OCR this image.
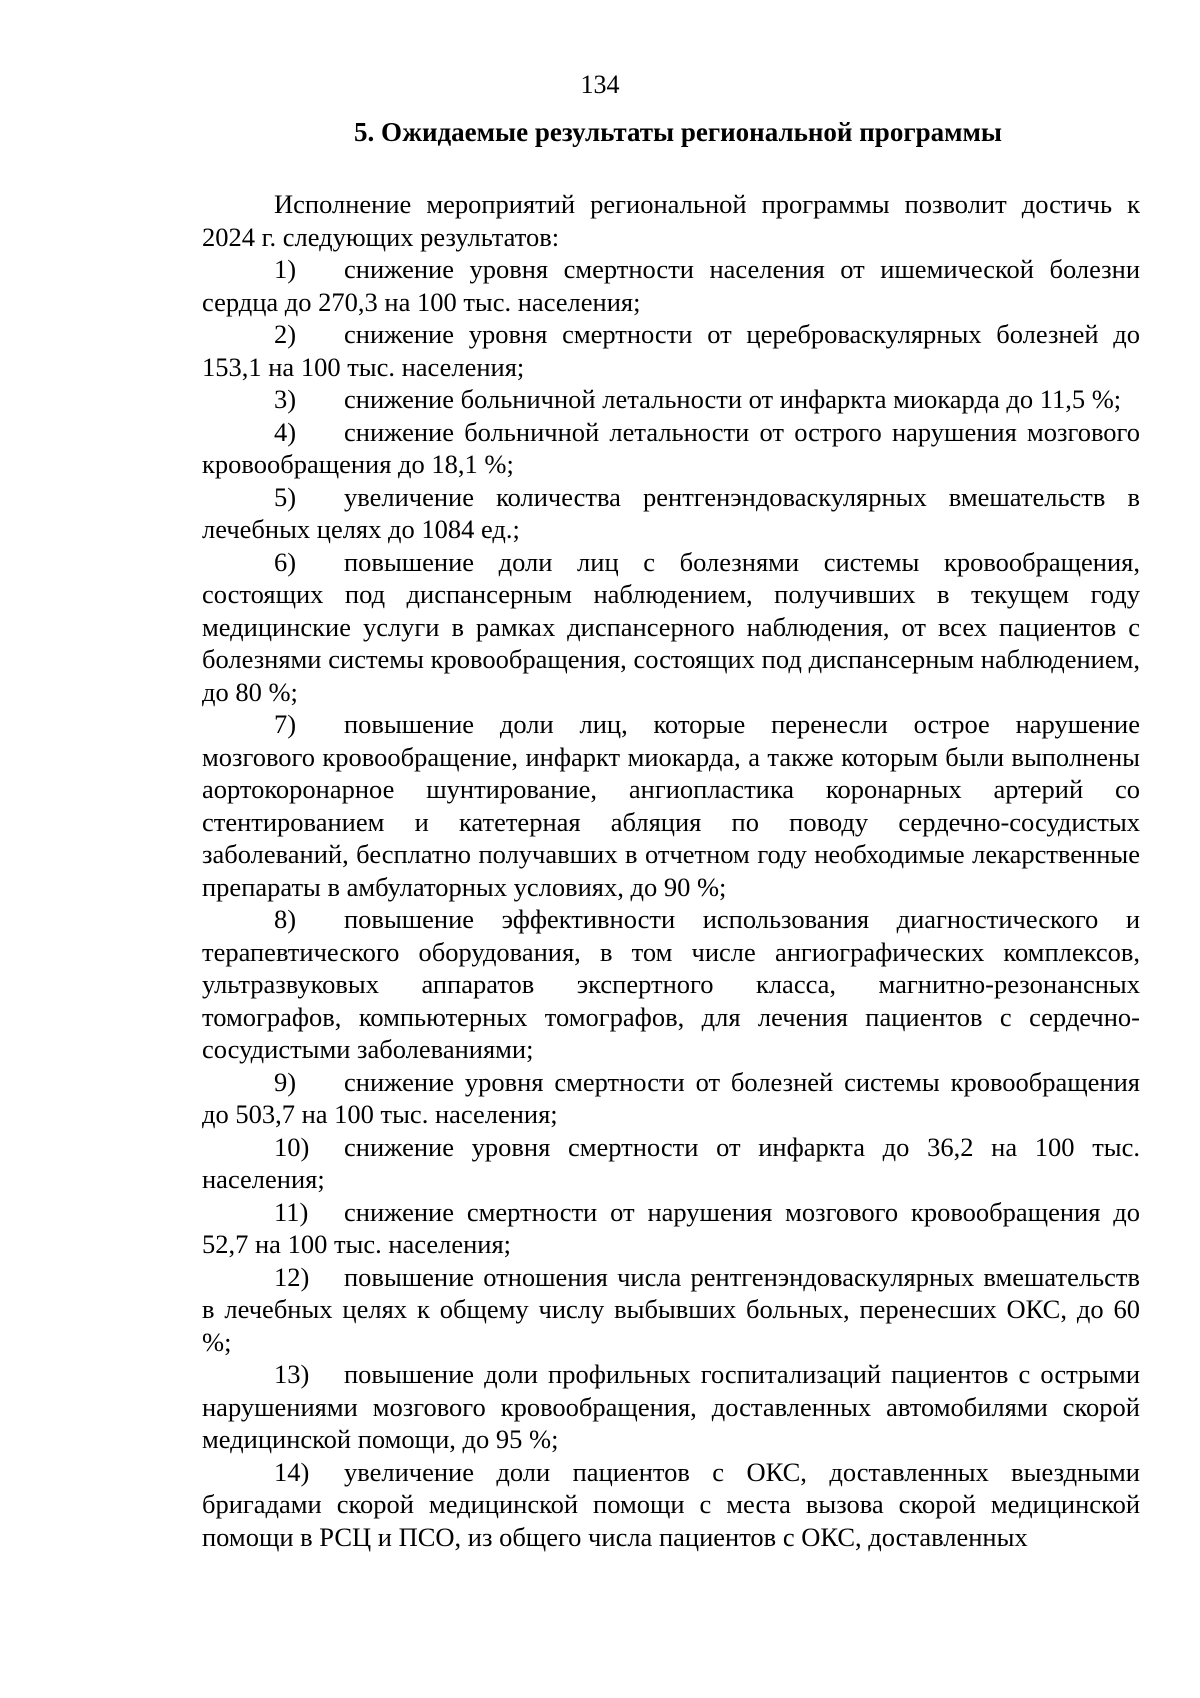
134
5. Ожидаемые результаты региональной программы

Исполнение мероприятий региональной программы позволит достичь к 2024 г. следующих результатов:

1) снижение уровня смертности населения от ишемической болезни сердца до 270,3 на 100 тыс. населения;

2) снижение уровня смертности от цереброваскулярных болезней до 153,1 на 100 тыс. населения;

3) снижение больничной летальности от инфаркта миокарда до 11,5 %;

4) снижение больничной летальности от острого нарушения мозгового кровообращения до 18,1 %;

5) увеличение количества рентгенэндоваскулярных вмешательств в лечебных целях до 1084 ед.;

6) повышение доли лиц с болезнями системы кровообращения, состоящих под диспансерным наблюдением, получивших в текущем году медицинские услуги в рамках диспансерного наблюдения, от всех пациентов с болезнями системы кровообращения, состоящих под диспансерным наблюдением, до 80 %;

7) повышение доли лиц, которые перенесли острое нарушение мозгового кровообращение, инфаркт миокарда, а также которым были выполнены аортокоронарное шунтирование, ангиопластика коронарных артерий со стентированием и катетерная абляция по поводу сердечно-сосудистых заболеваний, бесплатно получавших в отчетном году необходимые лекарственные препараты в амбулаторных условиях, до 90 %;

8) повышение эффективности использования диагностического и терапевтического оборудования, в том числе ангиографических комплексов, ультразвуковых аппаратов экспертного класса, магнитно-резонансных томографов, компьютерных томографов, для лечения пациентов с сердечно-сосудистыми заболеваниями;

9) снижение уровня смертности от болезней системы кровообращения до 503,7 на 100 тыс. населения;

10) снижение уровня смертности от инфаркта до 36,2 на 100 тыс. населения;

11) снижение смертности от нарушения мозгового кровообращения до 52,7 на 100 тыс. населения;

12) повышение отношения числа рентгенэндоваскулярных вмешательств в лечебных целях к общему числу выбывших больных, перенесших ОКС, до 60 %;

13) повышение доли профильных госпитализаций пациентов с острыми нарушениями мозгового кровообращения, доставленных автомобилями скорой медицинской помощи, до 95 %;

14) увеличение доли пациентов с ОКС, доставленных выездными бригадами скорой медицинской помощи с места вызова скорой медицинской помощи в РСЦ и ПСО, из общего числа пациентов с ОКС, доставленных
